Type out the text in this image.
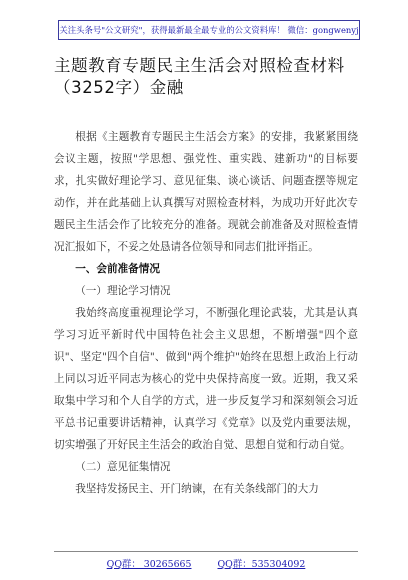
关注头条号"公文研究"，获得最新最全最专业的公文资料库！ 微信：gongwenyj
主题教育专题民主生活会对照检查材料
（3252字）金融

根据《主题教育专题民主生活会方案》的安排，我紧紧围绕会议主题，按照"学思想、强党性、重实践、建新功"的目标要求，扎实做好理论学习、意见征集、谈心谈话、问题查摆等规定动作，并在此基础上认真撰写对照检查材料，为成功开好此次专题民主生活会作了比较充分的准备。现就会前准备及对照检查情况汇报如下，不妥之处恳请各位领导和同志们批评指正。

一、会前准备情况

（一）理论学习情况

我始终高度重视理论学习，不断强化理论武装，尤其是认真学习习近平新时代中国特色社会主义思想，不断增强"四个意识"、坚定"四个自信"、做到"两个维护"始终在思想上政治上行动上同以习近平同志为核心的党中央保持高度一致。近期，我又采取集中学习和个人自学的方式，进一步反复学习和深刻领会习近平总书记重要讲话精神，认真学习《党章》以及党内重要法规，切实增强了开好民主生活会的政治自觉、思想自觉和行动自觉。

（二）意见征集情况

我坚持发扬民主、开门纳谏，在有关条线部门的大力

QQ群： 30265665	QQ群：535304092
